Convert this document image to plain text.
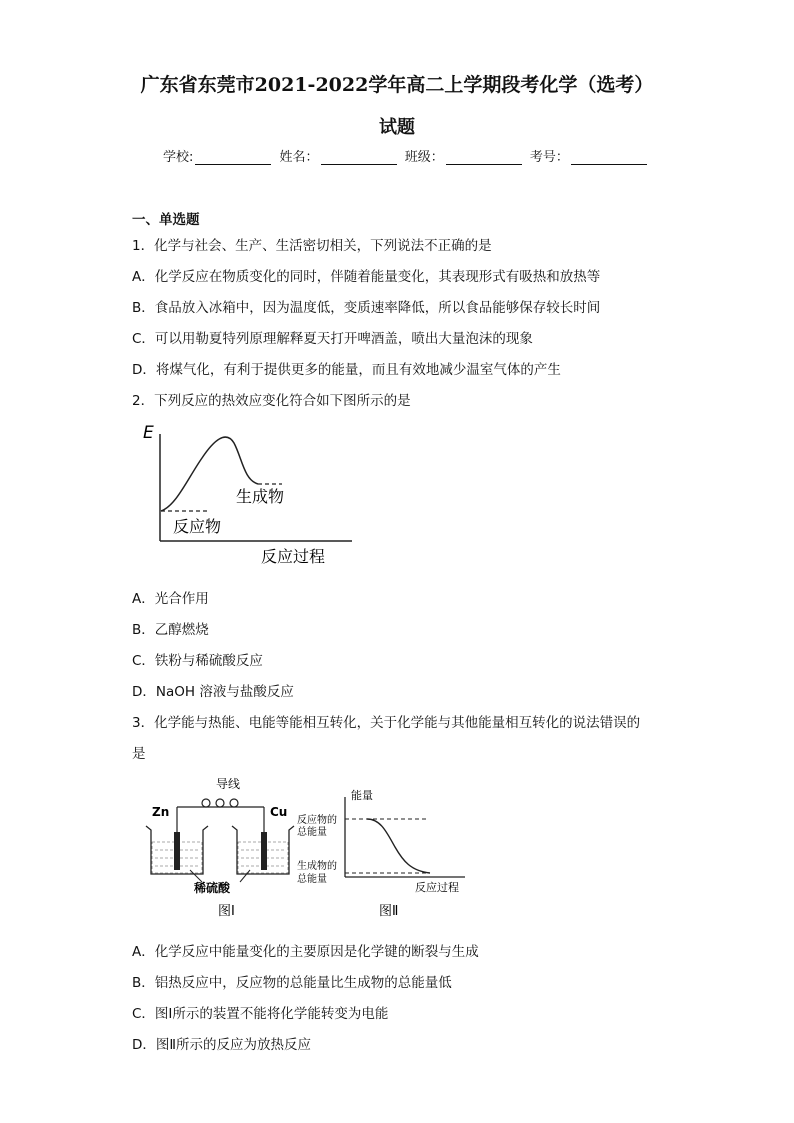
广东省东莞市2021-2022学年高二上学期段考化学（选考）
试题
学校:	姓名：	班级：	考号：
一、单选题
1．化学与社会、生产、生活密切相关，下列说法不正确的是
A．化学反应在物质变化的同时，伴随着能量变化，其表现形式有吸热和放热等
B．食品放入冰箱中，因为温度低，变质速率降低，所以食品能够保存较长时间
C．可以用勒夏特列原理解释夏天打开啤酒盖，喷出大量泡沫的现象
D．将煤气化，有利于提供更多的能量，而且有效地减少温室气体的产生
2．下列反应的热效应变化符合如下图所示的是
E
生成物
反应物
反应过程
A．光合作用
B．乙醇燃烧
C．铁粉与稀硫酸反应
D．NaOH 溶液与盐酸反应
3．化学能与热能、电能等能相互转化，关于化学能与其他能量相互转化的说法错误的
是
导线
Zn	Cu
稀硫酸
图Ⅰ
能量
反应物的
总能量
生成物的
总能量
反应过程
图Ⅱ
A．化学反应中能量变化的主要原因是化学键的断裂与生成
B．铝热反应中，反应物的总能量比生成物的总能量低
C．图Ⅰ所示的装置不能将化学能转变为电能
D．图Ⅱ所示的反应为放热反应
